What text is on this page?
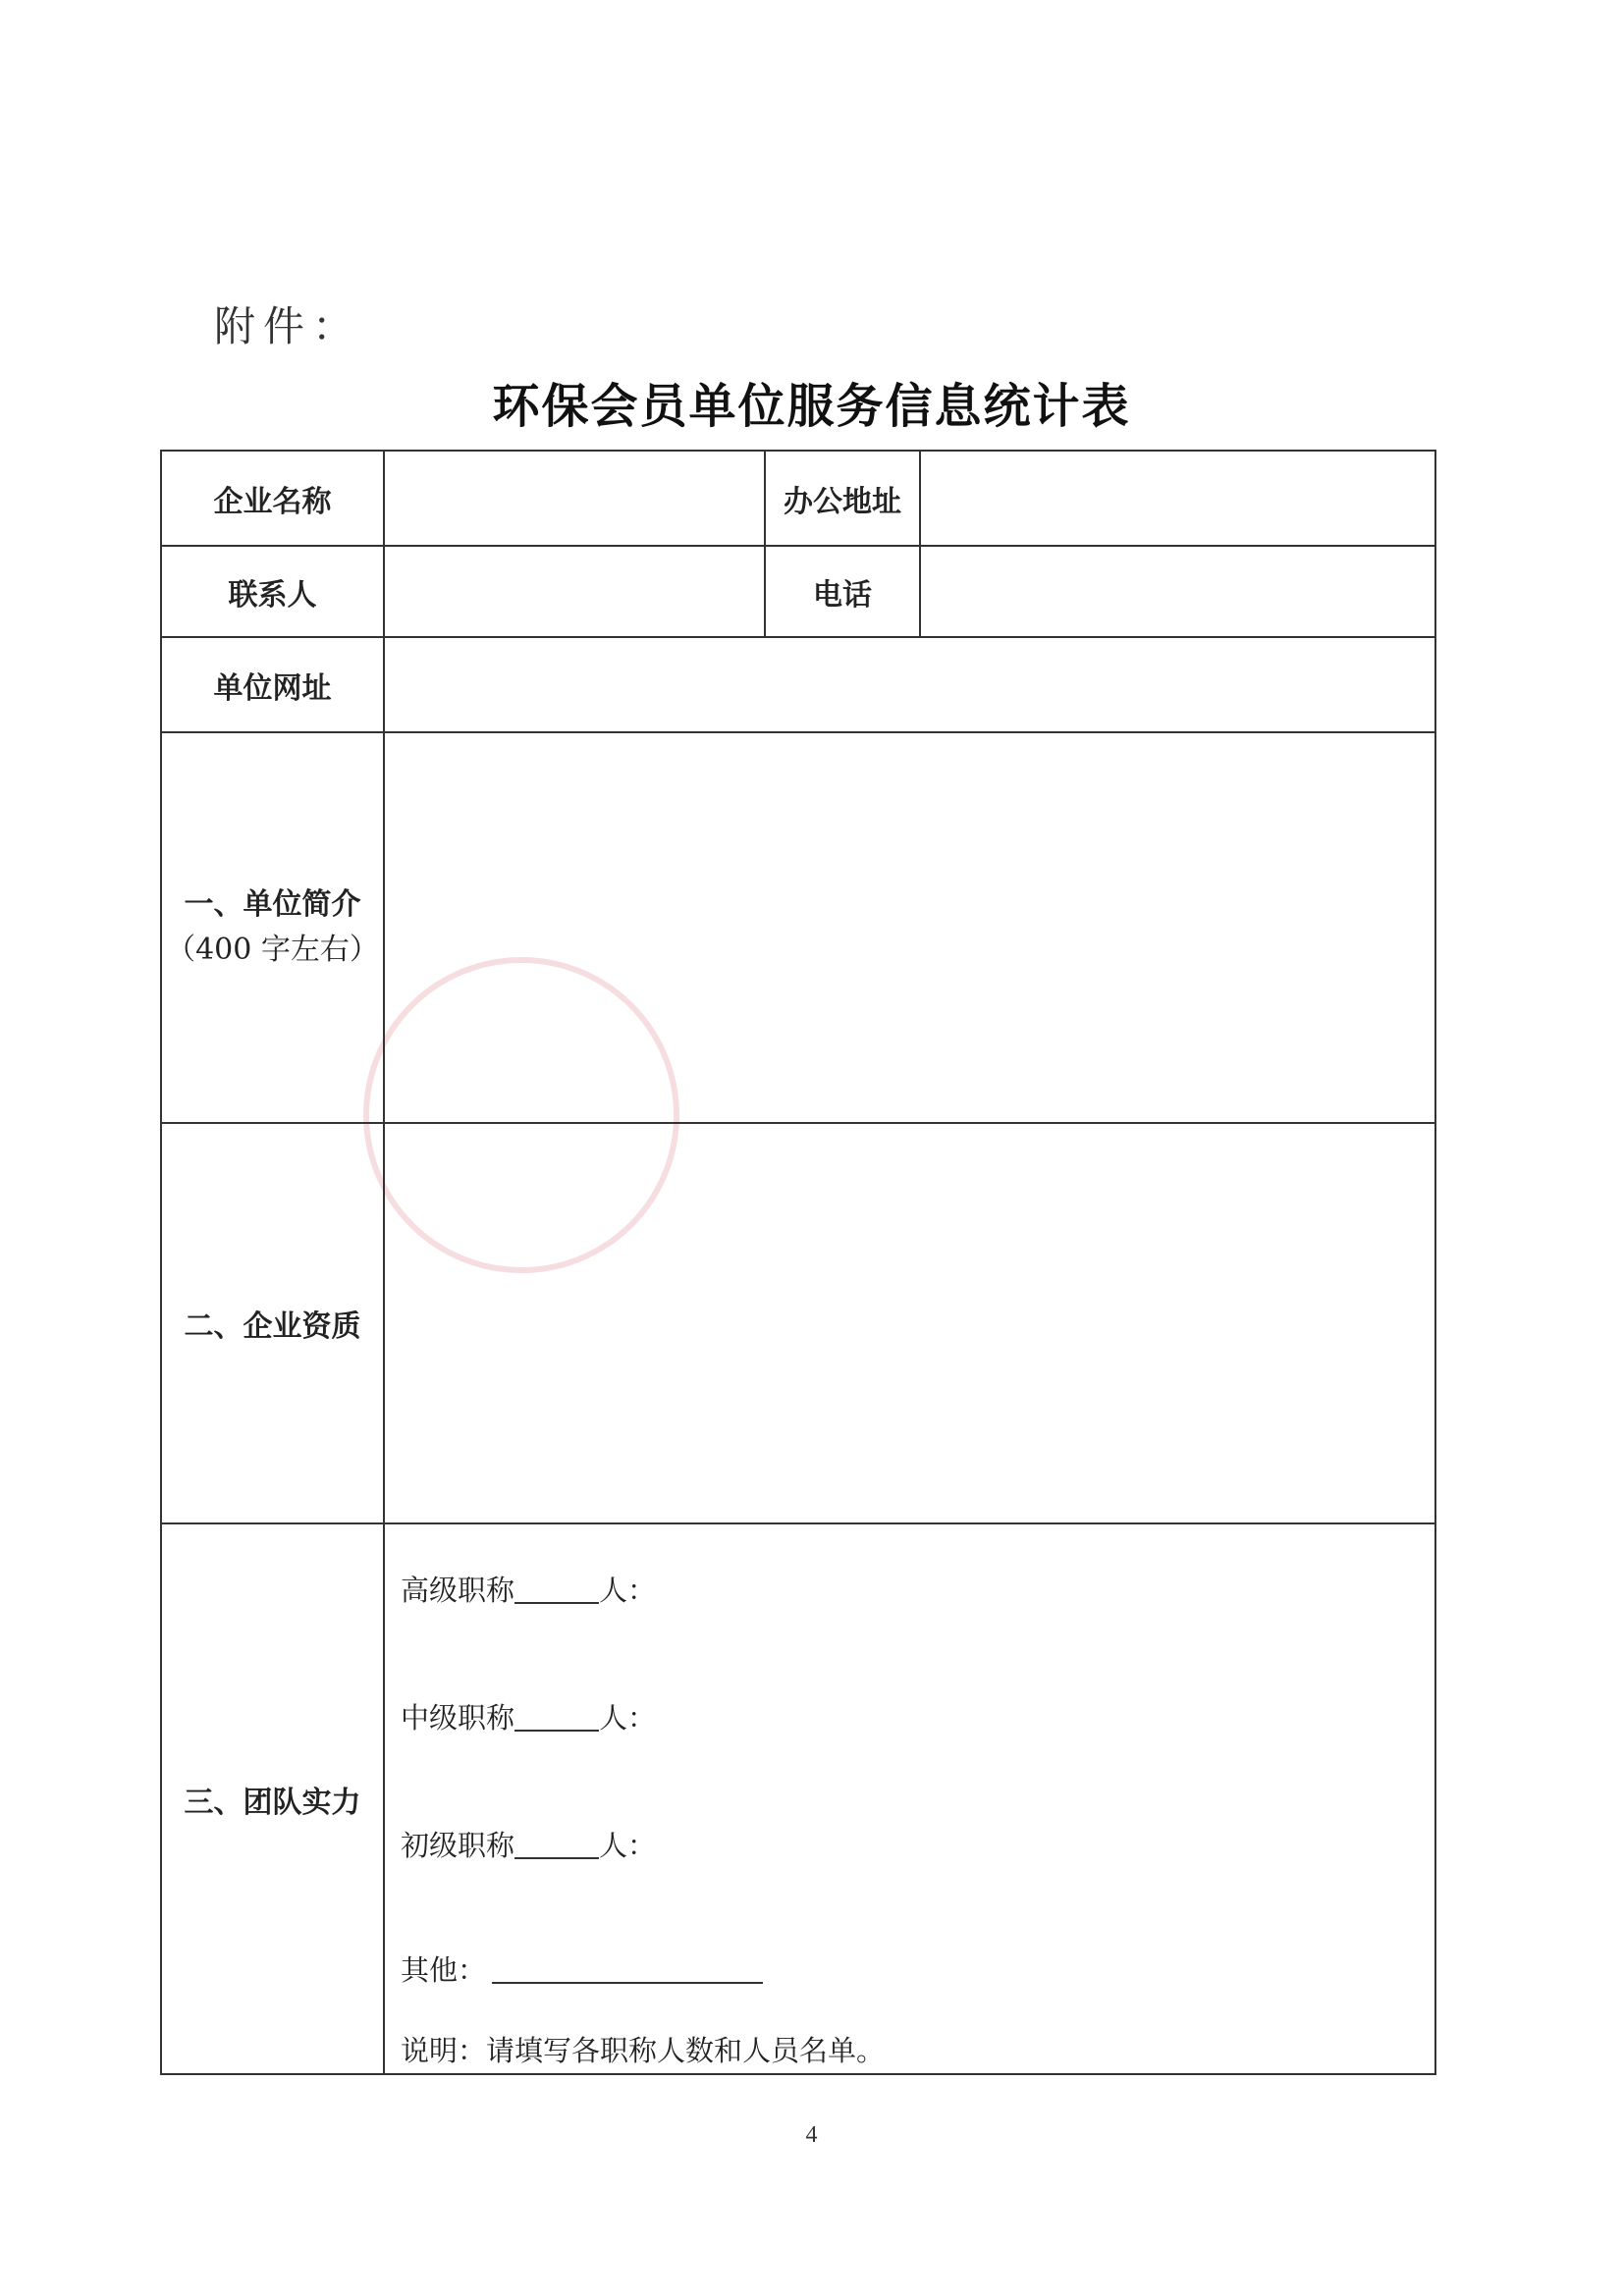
附件：
环保会员单位服务信息统计表
企业名称		办公地址	
联系人		电话	
单位网址			

一、单位简介
（400 字左右）			

二、企业资质			
三、团队实力	高级职称 人：
中级职称 人：
初级职称 人：
其他：
说明：请填写各职称人数和人员名单。		
4
